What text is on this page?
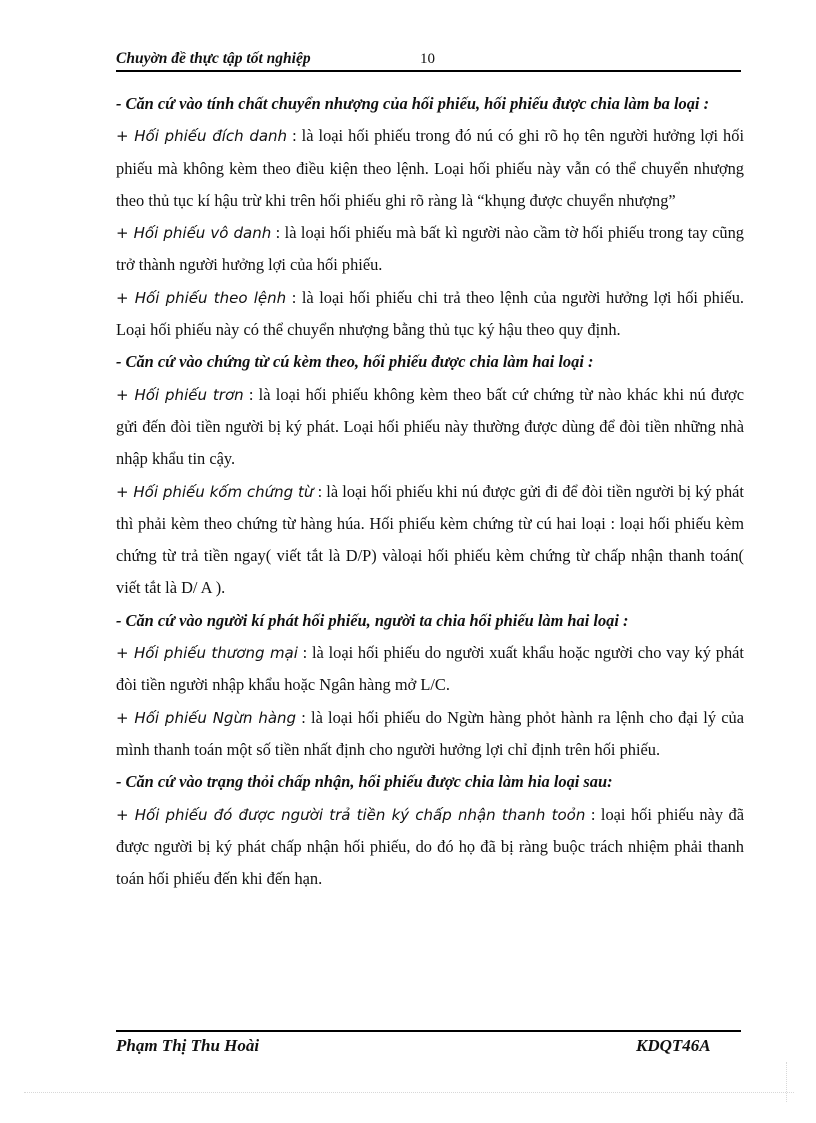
Chuyờn đề thực tập tốt nghiệp	10

- Căn cứ vào tính chất chuyển nhượng của hối phiếu, hối phiếu được chia làm ba loại :

+ Hối phiếu đích danh : là loại hối phiếu trong đó nú có ghi rõ họ tên người hưởng lợi hối phiếu mà không kèm theo điều kiện theo lệnh. Loại hối phiếu này vẫn có thể chuyển nhượng theo thủ tục kí hậu trừ khi trên hối phiếu ghi rõ ràng là “khụng được chuyển nhượng”

+ Hối phiếu vô danh : là loại hối phiếu mà bất kì người nào cầm tờ hối phiếu trong tay cũng trở thành người hưởng lợi của hối phiếu.

+ Hối phiếu theo lệnh : là loại hối phiếu chi trả theo lệnh của người hưởng lợi hối phiếu. Loại hối phiếu này có thể chuyển nhượng bằng thủ tục ký hậu theo quy định.

- Căn cứ vào chứng từ cú kèm theo, hối phiếu được chia làm hai loại :

+ Hối phiếu trơn : là loại hối phiếu không kèm theo bất cứ chứng từ nào khác khi nú được gửi đến đòi tiền người bị ký phát. Loại hối phiếu này thường được dùng để đòi tiền những nhà nhập khẩu tin cậy.

+ Hối phiếu kốm chứng từ : là loại hối phiếu khi nú được gửi đi để đòi tiền người bị ký phát thì phải kèm theo chứng từ hàng húa. Hối phiếu kèm chứng từ cú hai loại : loại hối phiếu kèm chứng từ trả tiền ngay( viết tắt là D/P) vàloại hối phiếu kèm chứng từ chấp nhận thanh toán( viết tắt là D/ A ).

- Căn cứ vào người kí phát hối phiếu, người ta chia hối phiếu làm hai loại :

+ Hối phiếu thương mại : là loại hối phiếu do người xuất khẩu hoặc người cho vay ký phát đòi tiền người nhập khẩu hoặc Ngân hàng mở L/C.

+ Hối phiếu Ngừn hàng : là loại hối phiếu do Ngừn hàng phỏt hành ra lệnh cho đại lý của mình thanh toán một số tiền nhất định cho người hưởng lợi chỉ định trên hối phiếu.

- Căn cứ vào trạng thỏi chấp nhận, hối phiếu được chia làm hia loại sau:

+ Hối phiếu đó được người trả tiền ký chấp nhận thanh toỏn : loại hối phiếu này đã được người bị ký phát chấp nhận hối phiếu, do đó họ đã bị ràng buộc trách nhiệm phải thanh toán hối phiếu đến khi đến hạn.

Phạm Thị Thu Hoài	KDQT46A
